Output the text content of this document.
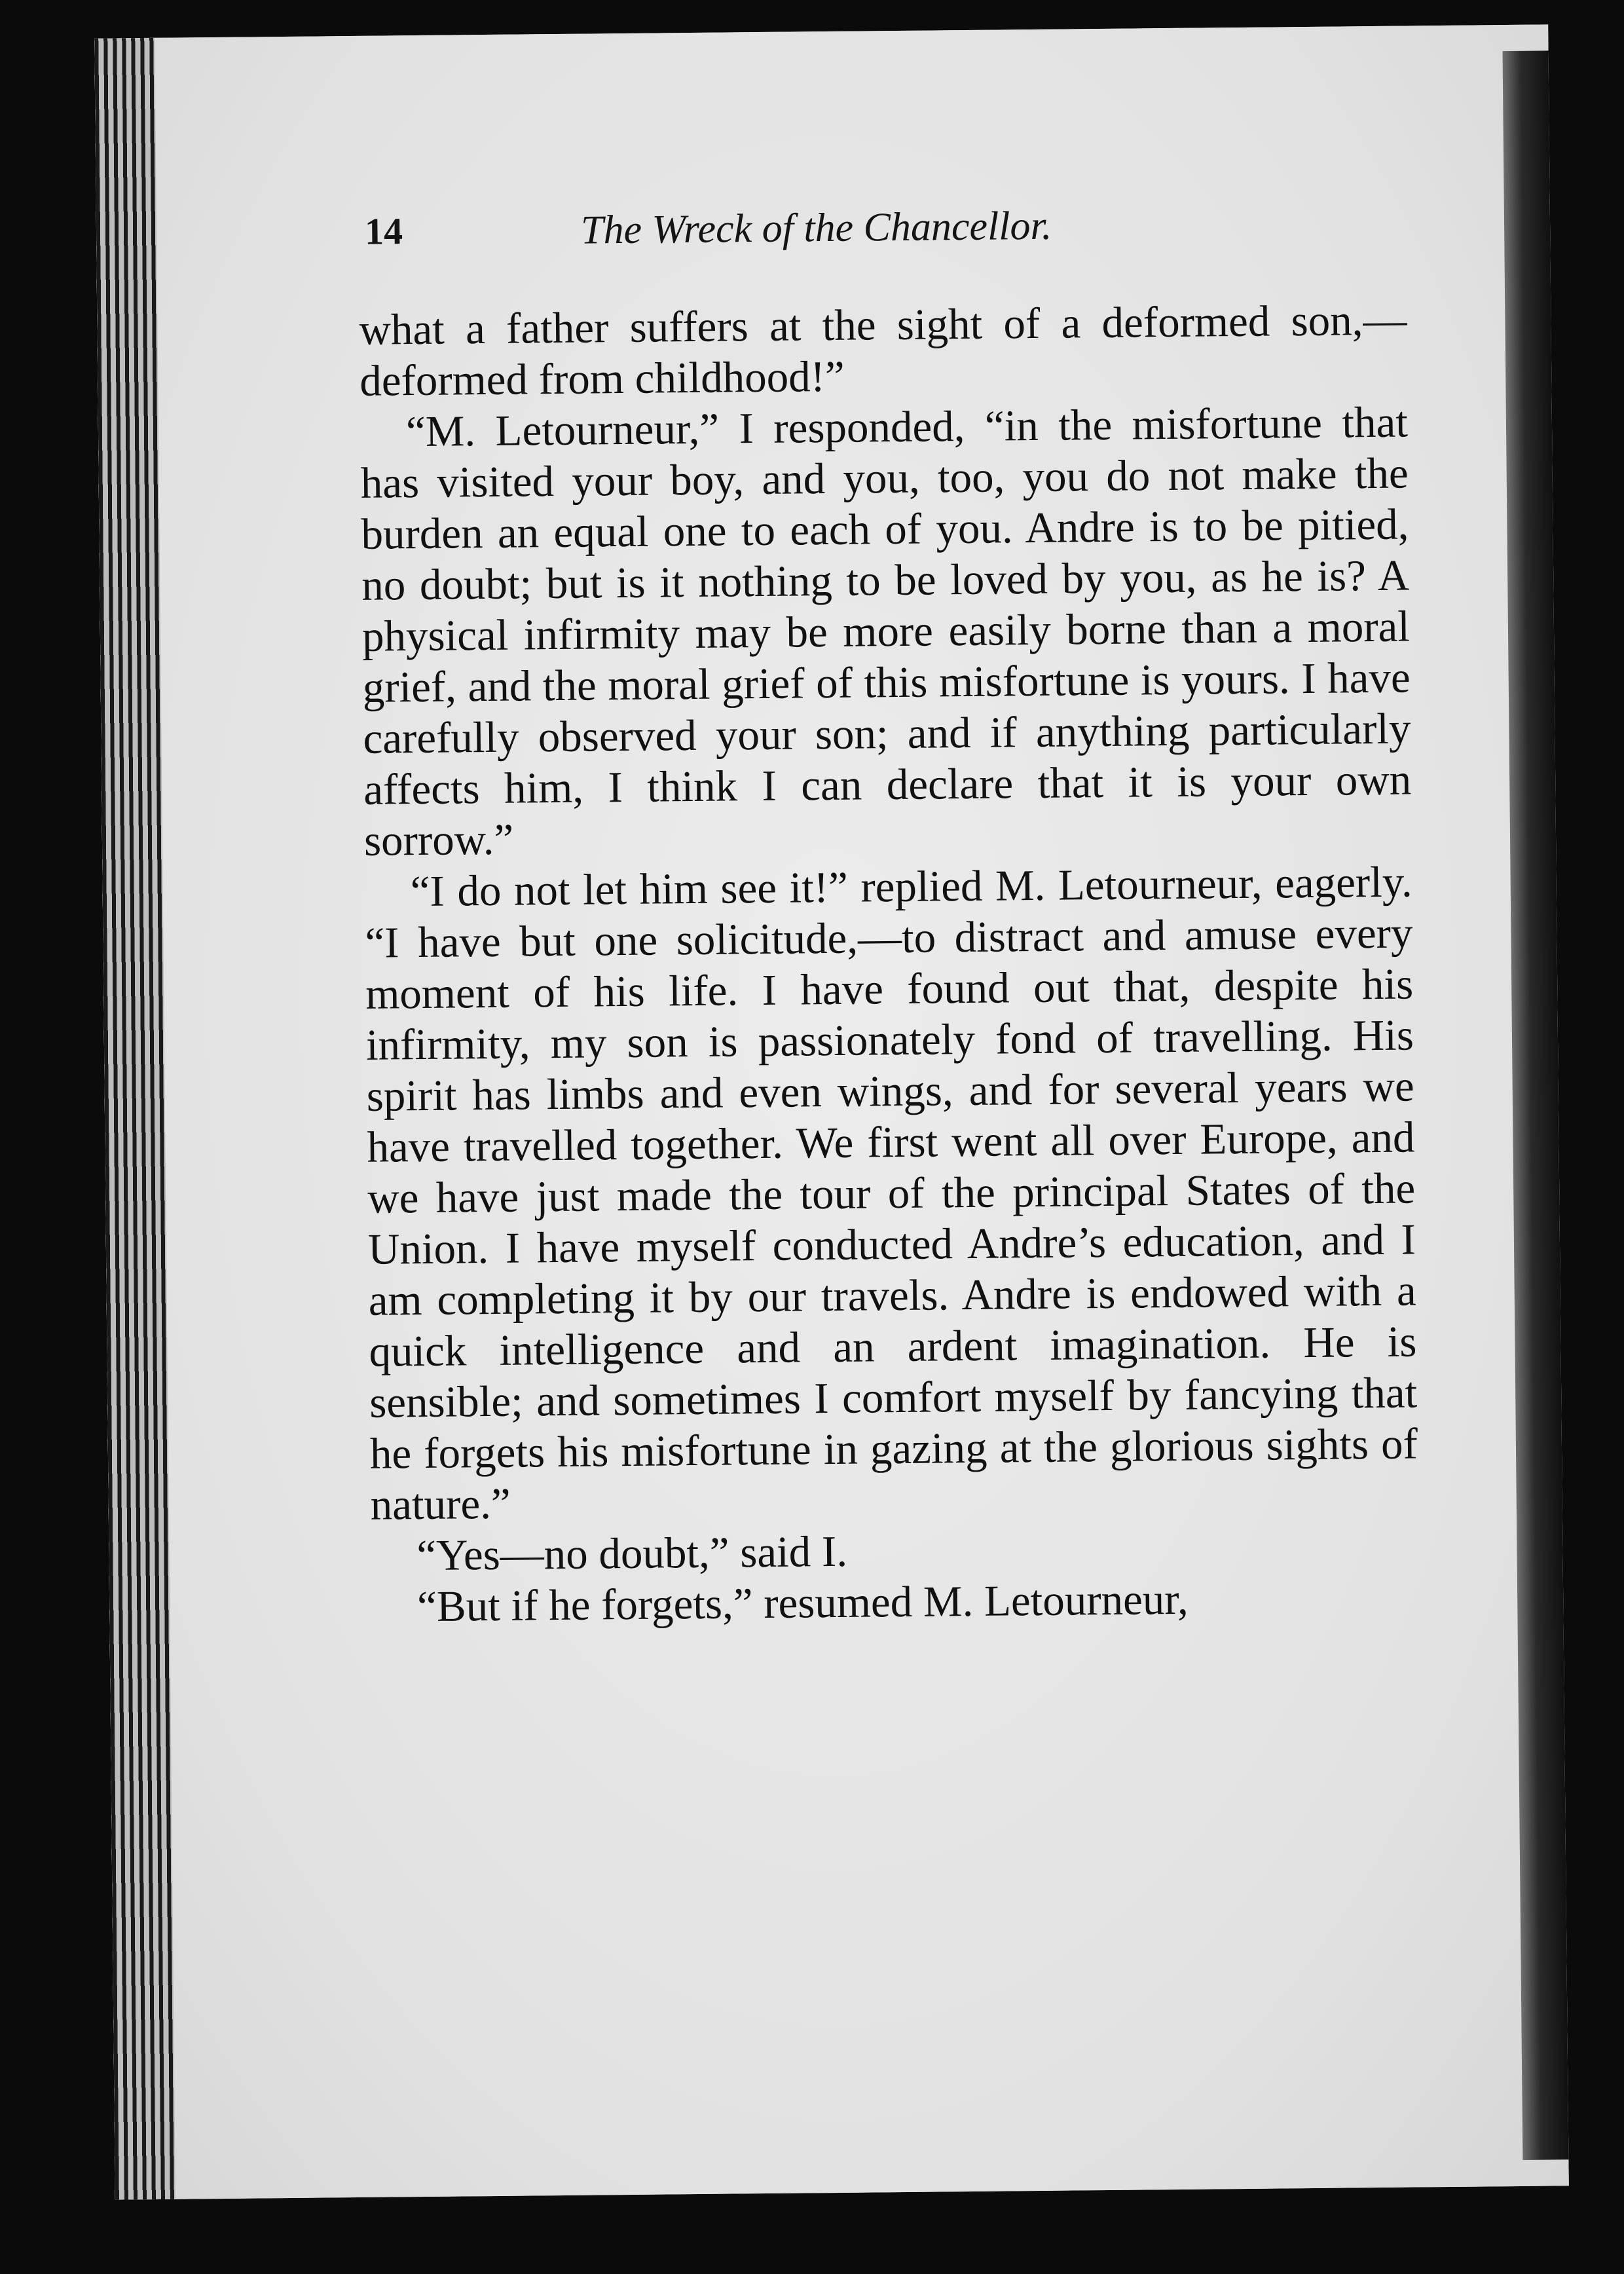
14	The Wreck of the Chancellor.

what a father suffers at the sight of a deformed son,—deformed from childhood!”

“M. Letourneur,” I responded, “in the misfortune that has visited your boy, and you, too, you do not make the burden an equal one to each of you. Andre is to be pitied, no doubt; but is it nothing to be loved by you, as he is? A physical infirmity may be more easily borne than a moral grief, and the moral grief of this misfortune is yours. I have carefully observed your son; and if anything particularly affects him, I think I can declare that it is your own sorrow.”

“I do not let him see it!” replied M. Letourneur, eagerly. “I have but one solicitude,—to distract and amuse every moment of his life. I have found out that, despite his infirmity, my son is passionately fond of travelling. His spirit has limbs and even wings, and for several years we have travelled together. We first went all over Europe, and we have just made the tour of the principal States of the Union. I have myself conducted Andre’s education, and I am completing it by our travels. Andre is endowed with a quick intelligence and an ardent imagination. He is sensible; and sometimes I comfort myself by fancying that he forgets his misfortune in gazing at the glorious sights of nature.”

“Yes—no doubt,” said I.

“But if he forgets,” resumed M. Letourneur,
